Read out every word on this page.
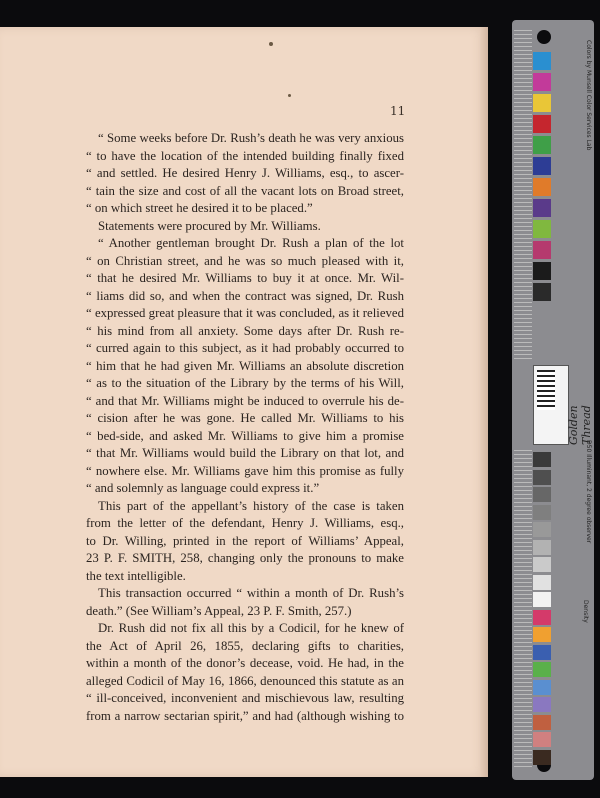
11
“ Some weeks before Dr. Rush’s death he was very anxious
“ to have the location of the intended building finally fixed
“ and settled. He desired Henry J. Williams, esq., to ascer-
“ tain the size and cost of all the vacant lots on Broad street,
“ on which street he desired it to be placed.”
Statements were procured by Mr. Williams.
“ Another gentleman brought Dr. Rush a plan of the lot
“ on Christian street, and he was so much pleased with it,
“ that he desired Mr. Williams to buy it at once. Mr. Wil-
“ liams did so, and when the contract was signed, Dr. Rush
“ expressed great pleasure that it was concluded, as it relieved
“ his mind from all anxiety. Some days after Dr. Rush re-
“ curred again to this subject, as it had probably occurred to
“ him that he had given Mr. Williams an absolute discretion
“ as to the situation of the Library by the terms of his Will,
“ and that Mr. Williams might be induced to overrule his de-
“ cision after he was gone. He called Mr. Williams to his
“ bed-side, and asked Mr. Williams to give him a promise
“ that Mr. Williams would build the Library on that lot, and
“ nowhere else. Mr. Williams gave him this promise as fully
“ and solemnly as language could express it.”
This part of the appellant’s history of the case is taken
from the letter of the defendant, Henry J. Williams, esq.,
to Dr. Willing, printed in the report of Williams’ Appeal,
23 P. F. SMITH, 258, changing only the pronouns to make
the text intelligible.
This transaction occurred “ within a month of Dr. Rush’s
death.” (See William’s Appeal, 23 P. F. Smith, 257.)
Dr. Rush did not fix all this by a Codicil, for he knew of
the Act of April 26, 1855, declaring gifts to charities,
within a month of the donor’s decease, void. He had, in the
alleged Codicil of May 16, 1866, denounced this statute as an
“ ill-conceived, inconvenient and mischievous law, resulting
from a narrow sectarian spirit,” and had (although wishing to
Golden Thread
Colors by Munsell Color Services Lab
D50 Illuminant, 2 degree observer
Density
